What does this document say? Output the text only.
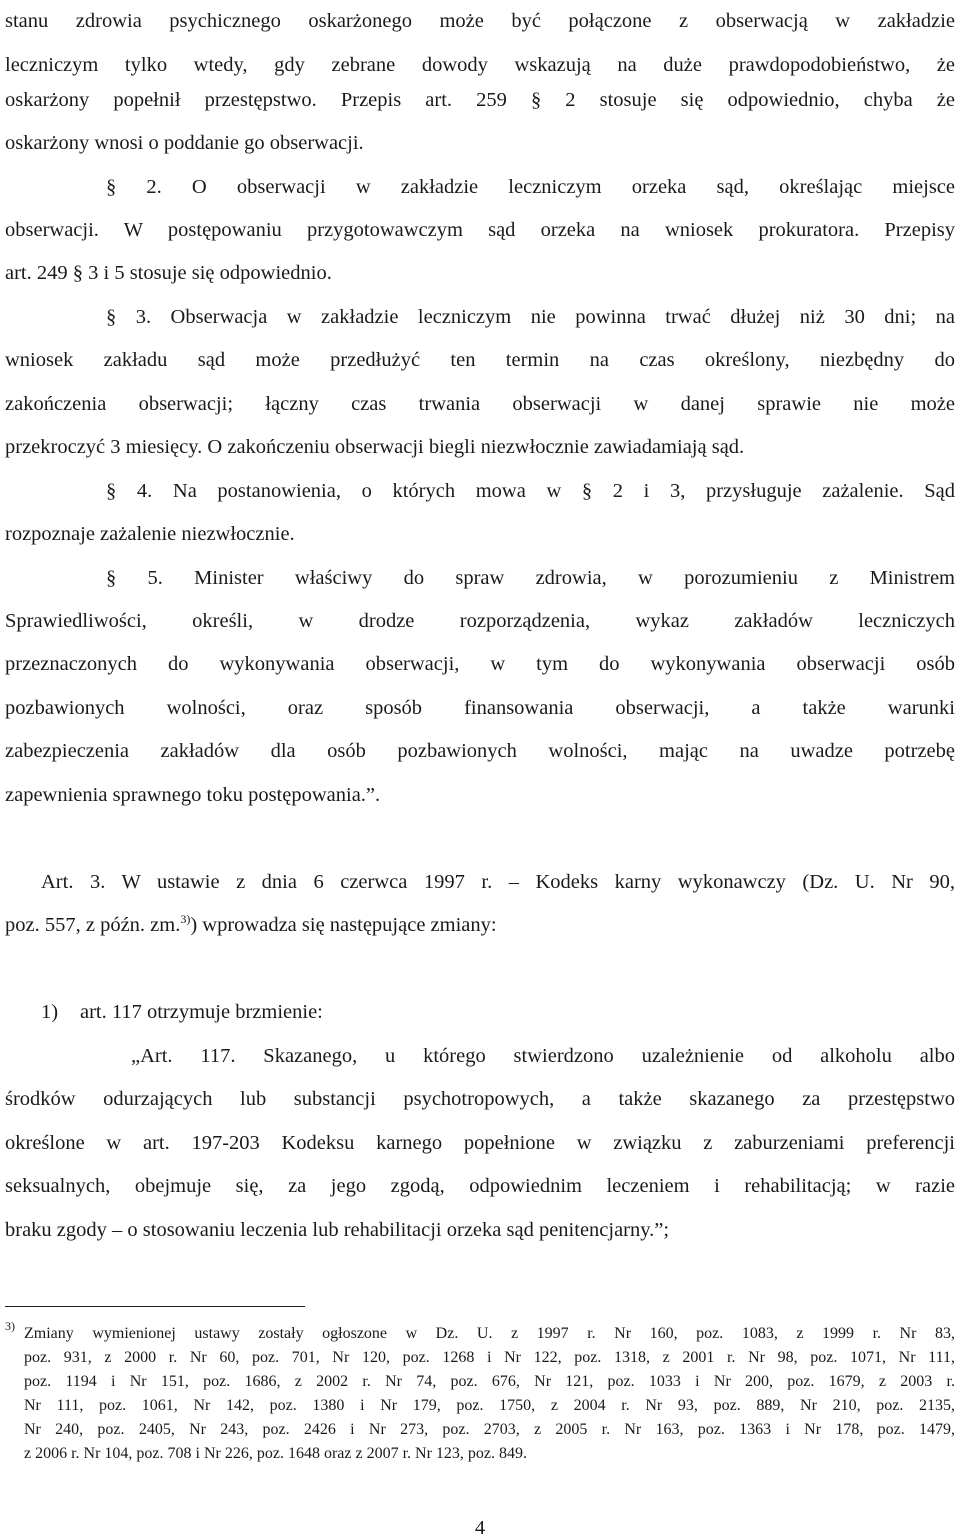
stanu zdrowia psychicznego oskarżonego może być połączone z obserwacją w zakładzie

leczniczym tylko wtedy, gdy zebrane dowody wskazują na duże prawdopodobieństwo, że

oskarżony popełnił przestępstwo. Przepis art. 259 § 2 stosuje się odpowiednio, chyba że

oskarżony wnosi o poddanie go obserwacji.

§ 2. O obserwacji w zakładzie leczniczym orzeka sąd, określając miejsce

obserwacji. W postępowaniu przygotowawczym sąd orzeka na wniosek prokuratora. Przepisy

art. 249 § 3 i 5 stosuje się odpowiednio.

§ 3. Obserwacja w zakładzie leczniczym nie powinna trwać dłużej niż 30 dni; na

wniosek zakładu sąd może przedłużyć ten termin na czas określony, niezbędny do

zakończenia obserwacji; łączny czas trwania obserwacji w danej sprawie nie może

przekroczyć 3 miesięcy. O zakończeniu obserwacji biegli niezwłocznie zawiadamiają sąd.

§ 4. Na postanowienia, o których mowa w § 2 i 3, przysługuje zażalenie. Sąd

rozpoznaje zażalenie niezwłocznie.

§ 5. Minister właściwy do spraw zdrowia, w porozumieniu z Ministrem

Sprawiedliwości, określi, w drodze rozporządzenia, wykaz zakładów leczniczych

przeznaczonych do wykonywania obserwacji, w tym do wykonywania obserwacji osób

pozbawionych wolności, oraz sposób finansowania obserwacji, a także warunki

zabezpieczenia zakładów dla osób pozbawionych wolności, mając na uwadze potrzebę

zapewnienia sprawnego toku postępowania.”.

Art. 3. W ustawie z dnia 6 czerwca 1997 r. – Kodeks karny wykonawczy (Dz. U. Nr 90,

poz. 557, z późn. zm.$^{3)}$) wprowadza się następujące zmiany:

1)	art. 117 otrzymuje brzmienie:

„Art. 117. Skazanego, u którego stwierdzono uzależnienie od alkoholu albo

środków odurzających lub substancji psychotropowych, a także skazanego za przestępstwo

określone w art. 197-203 Kodeksu karnego popełnione w związku z zaburzeniami preferencji

seksualnych, obejmuje się, za jego zgodą, odpowiednim leczeniem i rehabilitacją; w razie

braku zgody – o stosowaniu leczenia lub rehabilitacji orzeka sąd penitencjarny.”;

3) Zmiany wymienionej ustawy zostały ogłoszone w Dz. U. z 1997 r. Nr 160, poz. 1083, z 1999 r. Nr 83,

poz. 931, z 2000 r. Nr 60, poz. 701, Nr 120, poz. 1268 i Nr 122, poz. 1318, z 2001 r. Nr 98, poz. 1071, Nr 111,

poz. 1194 i Nr 151, poz. 1686, z 2002 r. Nr 74, poz. 676, Nr 121, poz. 1033 i Nr 200, poz. 1679, z 2003 r.

Nr 111, poz. 1061, Nr 142, poz. 1380 i Nr 179, poz. 1750, z 2004 r. Nr 93, poz. 889, Nr 210, poz. 2135,

Nr 240, poz. 2405, Nr 243, poz. 2426 i Nr 273, poz. 2703, z 2005 r. Nr 163, poz. 1363 i Nr 178, poz. 1479,

z 2006 r. Nr 104, poz. 708 i Nr 226, poz. 1648 oraz z 2007 r. Nr 123, poz. 849.

4
